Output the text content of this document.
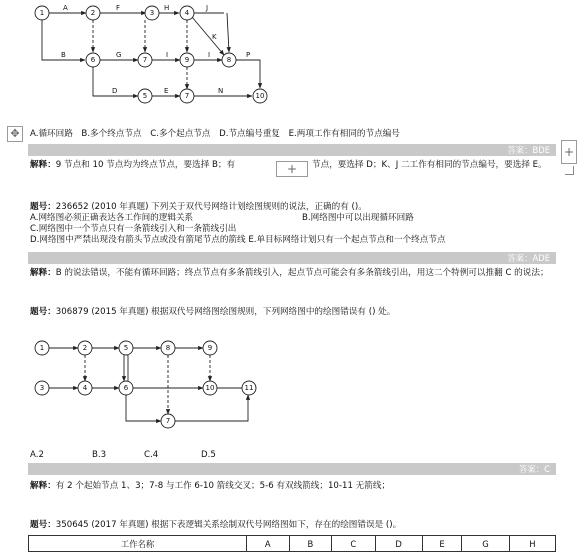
A	F	H	J
B	G	I
K
I	P
D	E	N
1	2	3	4
5
6	7	9	8
7	10
✥	A.循环回路　B.多个终点节点　C.多个起点节点　D.节点编号重复　E.两项工作有相同的节点编号
答案：BDE +
解释：9 节点和 10 节点均为终点节点，要选择 B；有	+	节点，要选择 D；K、J 二工作有相同的节点编号，要选择 E。
题号：236652 (2010 年真题) 下列关于双代号网络计划绘图规则的说法，正确的有 ()。
A.网络图必须正确表达各工作间的逻辑关系	B.网络图中可以出现循环回路
C.网络图中一个节点只有一条箭线引入和一条箭线引出
D.网络图中严禁出现没有箭头节点或没有箭尾节点的箭线 E.单目标网络计划只有一个起点节点和一个终点节点
答案：ADE
解释：B 的说法错误，不能有循环回路；终点节点有多条箭线引入，起点节点可能会有多条箭线引出，用这二个特例可以推翻 C 的说法；
题号：306879 (2015 年真题) 根据双代号网络图绘图规则，下列网络图中的绘图错误有 () 处。
1	2	5	8	9
3	4	6	10	11
7
A.2	B.3	C.4	D.5
答案：C
解释：有 2 个起始节点 1、3；7-8 与工作 6-10 箭线交叉；5-6 有双线箭线；10-11 无箭线；
题号：350645 (2017 年真题) 根据下表逻辑关系绘制双代号网络图如下，存在的绘图错误是 ()。
工作名称	A	B	C	D	E	G	H
